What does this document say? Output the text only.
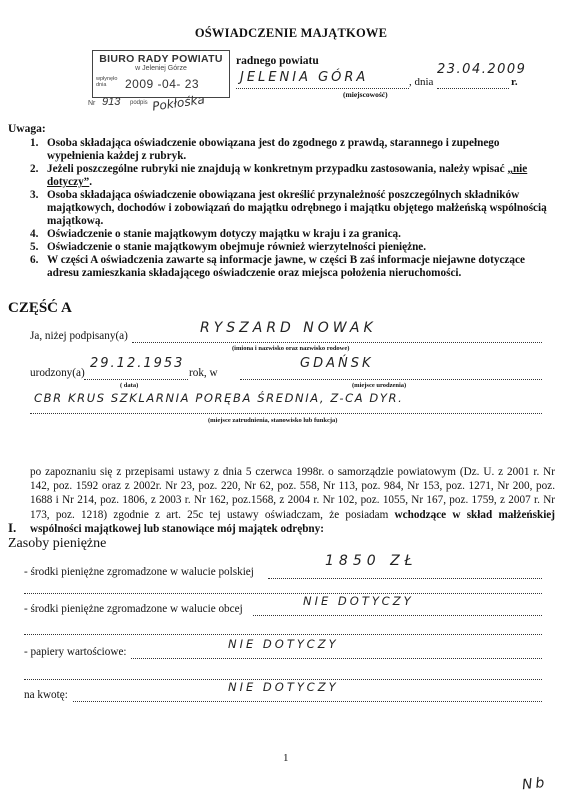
OŚWIADCZENIE MAJĄTKOWE
BIURO RADY POWIATU
w Jeleniej Górze
wpłynęło dnia	2009 -04- 23
Nr 913 podpis Pokłośka
radnego powiatu
JELENIA GÓRA	, dnia
23.04.2009
r.
(miejscowość)
Uwaga:
1. Osoba składająca oświadczenie obowiązana jest do zgodnego z prawdą, starannego i zupełnego wypełnienia każdej z rubryk.
2. Jeżeli poszczególne rubryki nie znajdują w konkretnym przypadku zastosowania, należy wpisać „nie dotyczy”.
3. Osoba składająca oświadczenie obowiązana jest określić przynależność poszczególnych składników majątkowych, dochodów i zobowiązań do majątku odrębnego i majątku objętego małżeńską wspólnością majątkową.
4. Oświadczenie o stanie majątkowym dotyczy majątku w kraju i za granicą.
5. Oświadczenie o stanie majątkowym obejmuje również wierzytelności pieniężne.
6. W części A oświadczenia zawarte są informacje jawne, w części B zaś informacje niejawne dotyczące adresu zamieszkania składającego oświadczenie oraz miejsca położenia nieruchomości.
CZĘŚĆ A
Ja, niżej podpisany(a)	RYSZARD NOWAK
(imiona i nazwisko oraz nazwisko rodowe)
urodzony(a)
29.12.1953
rok, w
GDAŃSK
( data)	(miejsce urodzenia)
CBR KRUS SZKLARNIA PORĘBA ŚREDNIA, Z-CA DYR.
(miejsce zatrudnienia, stanowisko lub funkcja)
po zapoznaniu się z przepisami ustawy z dnia 5 czerwca 1998r. o samorządzie powiatowym (Dz. U. z 2001 r. Nr 142, poz. 1592 oraz z 2002r. Nr 23, poz. 220, Nr 62, poz. 558, Nr 113, poz. 984, Nr 153, poz. 1271, Nr 200, poz. 1688 i Nr 214, poz. 1806, z 2003 r. Nr 162, poz.1568, z 2004 r. Nr 102, poz. 1055, Nr 167, poz. 1759, z 2007 r. Nr 173, poz. 1218) zgodnie z art. 25c tej ustawy oświadczam, że posiadam wchodzące w skład małżeńskiej wspólności majątkowej lub stanowiące mój majątek odrębny:
I.
Zasoby pieniężne
- środki pieniężne zgromadzone w walucie polskiej
1850 ZŁ
- środki pieniężne zgromadzone w walucie obcej
NIE DOTYCZY
- papiery wartościowe:
NIE DOTYCZY
na kwotę:
NIE DOTYCZY
1
Nb
